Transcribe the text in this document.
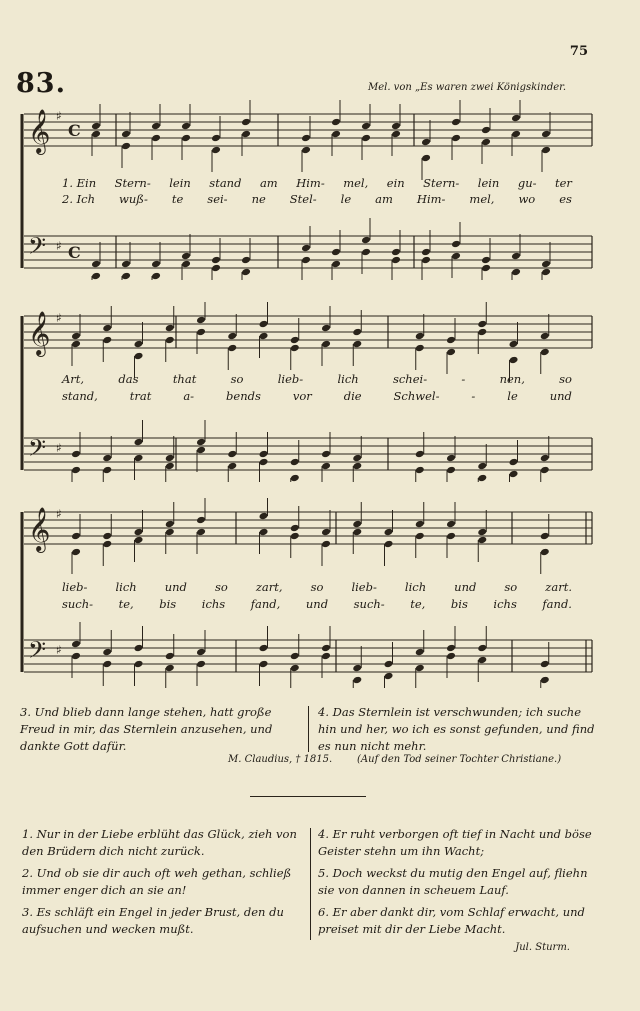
75
83.	Mel. von „Es waren zwei Königskinder.
𝄞 ♯
𝄢 ♯
C
C
1. Ein Stern- lein stand am Him- mel, ein Stern- lein gu- ter
2. Ich wuß- te sei- ne Stel- le am Him- mel, wo es
𝄞 ♯
𝄢 ♯
Art,	das	that	so	lieb-	lich	schei-	-	nen,	so
stand,	trat	a-	bends	vor	die	Schwel-	-	le	und
𝄞 ♯
𝄢 ♯
lieb- lich und so zart, so lieb- lich und so zart.
such- te, bis ichs fand, und such- te, bis ichs fand.
3. Und blieb dann lange stehen, hatt große Freud in mir, das Sternlein anzusehen, und dankte Gott dafür.
4. Das Sternlein ist verschwunden; ich suche hin und her, wo ich es sonst gefunden, und find es nun nicht mehr.
M. Claudius, † 1815. (Auf den Tod seiner Tochter Christiane.)
1. Nur in der Liebe erblüht das Glück, zieh von den Brüdern dich nicht zurück.
2. Und ob sie dir auch oft weh gethan, schließ immer enger dich an sie an!
3. Es schläft ein Engel in jeder Brust, den du aufsuchen und wecken mußt.
4. Er ruht verborgen oft tief in Nacht und böse Geister stehn um ihn Wacht;
5. Doch weckst du mutig den Engel auf, fliehn sie von dannen in scheuem Lauf.
6. Er aber dankt dir, vom Schlaf erwacht, und preiset mit dir der Liebe Macht.
Jul. Sturm.
